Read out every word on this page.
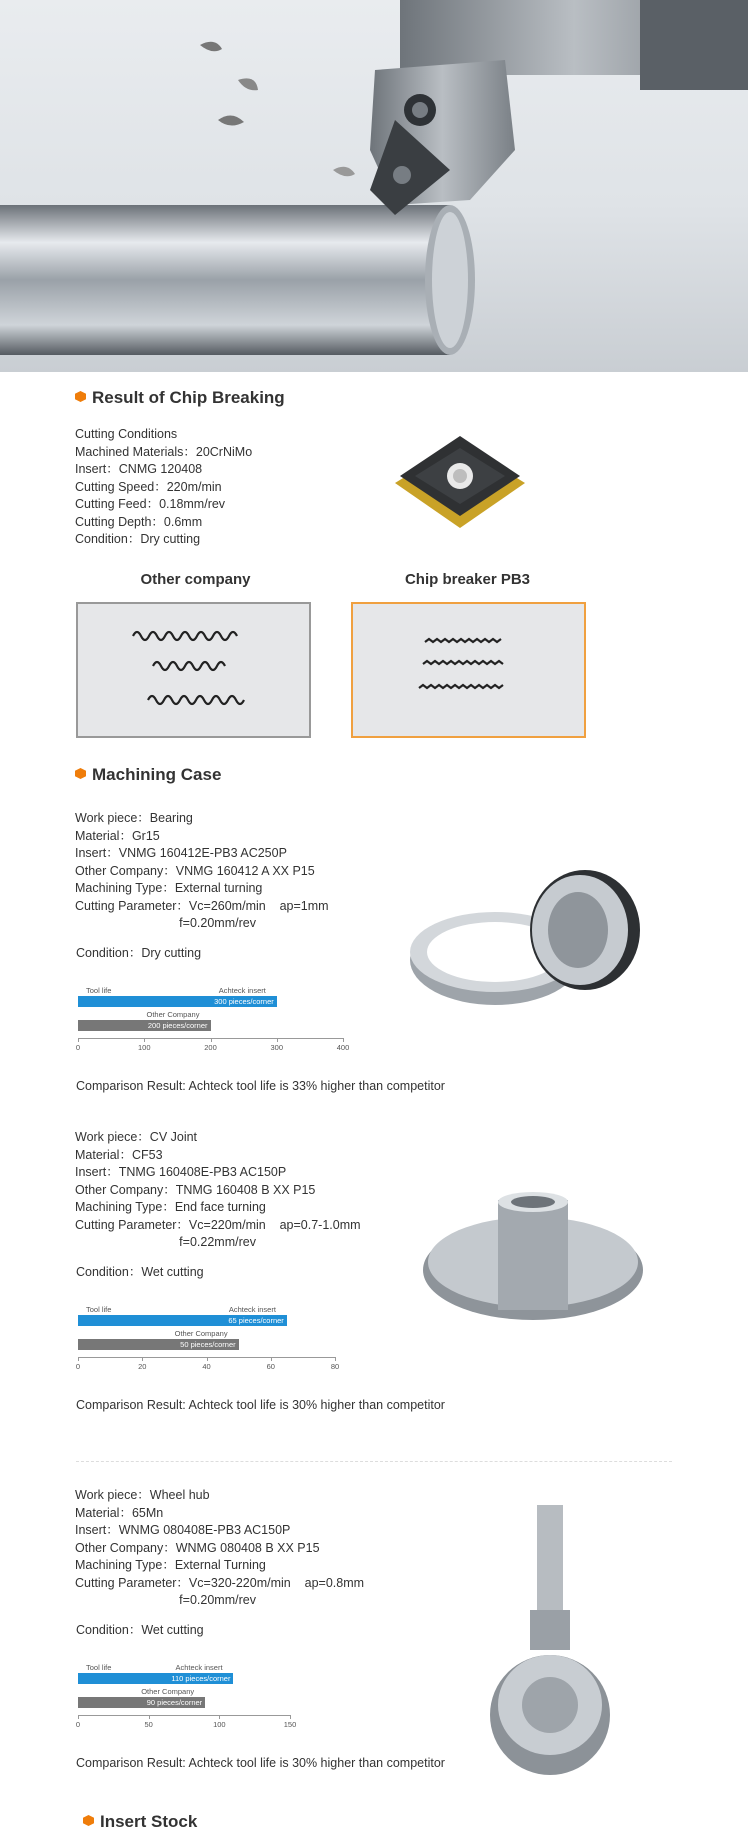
Result of Chip Breaking
Cutting Conditions
Machined Materials：20CrNiMo
Insert：CNMG 120408
Cutting Speed：220m/min
Cutting Feed：0.18mm/rev
Cutting Depth：0.6mm
Condition：Dry cutting
Other company	Chip breaker PB3
Machining Case
Work piece：Bearing
Material：Gr15
Insert：VNMG 160412E-PB3 AC250P
Other Company：VNMG 160412 A XX P15
Machining Type：External turning
Cutting Parameter：Vc=260m/min    ap=1mm
f=0.20mm/rev
Condition：Dry cutting
Tool life	Achteck insert
300 pieces/corner
Other Company
200 pieces/corner
0	100	200	300	400
Comparison Result: Achteck tool life is 33% higher than competitor
Work piece：CV Joint
Material：CF53
Insert：TNMG 160408E-PB3 AC150P
Other Company：TNMG 160408 B XX P15
Machining Type：End face turning
Cutting Parameter：Vc=220m/min    ap=0.7-1.0mm
f=0.22mm/rev
Condition：Wet cutting
Tool life	Achteck insert
65 pieces/corner
Other Company
50 pieces/corner
0	20	40	60	80
Comparison Result: Achteck tool life is 30% higher than competitor
Work piece：Wheel hub
Material：65Mn
Insert：WNMG 080408E-PB3 AC150P
Other Company：WNMG 080408 B XX P15
Machining Type：External Turning
Cutting Parameter：Vc=320-220m/min    ap=0.8mm
f=0.20mm/rev
Condition：Wet cutting
Tool life	Achteck insert
110 pieces/corner
Other Company
90 pieces/corner
0	50	100	150
Comparison Result: Achteck tool life is 30% higher than competitor
Insert Stock
